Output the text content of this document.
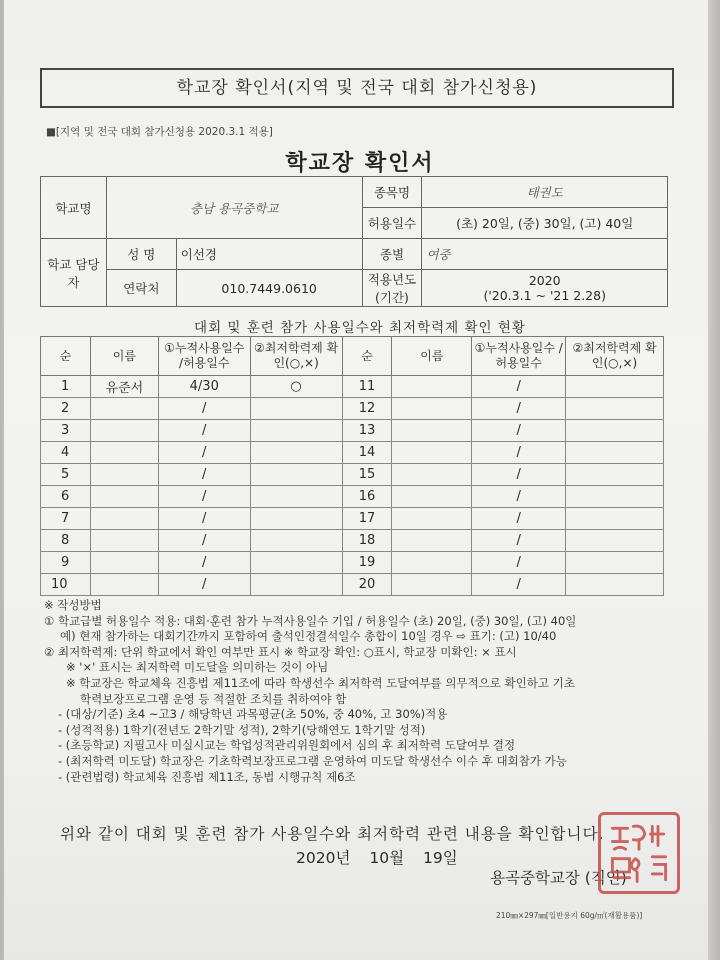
학교장 확인서(지역 및 전국 대회 참가신청용)
■[지역 및 전국 대회 참가신청용 2020.3.1 적용]
학교장 확인서
학교명	충남 용곡중학교		종목명	태권도
			허용일수	(초) 20일, (중) 30일, (고) 40일
학교 담당자	성 명	이선경	종별	여중
	연락처	010.7449.0610	적용년도 (기간)	2020
('20.3.1 ~ '21 2.28)
대회 및 훈련 참가 사용일수와 최저학력제 확인 현황
순	이름	①누적사용일수 /허용일수	②최저학력제 확인(○,×)	순	이름	①누적사용일수 /허용일수	②최저학력제 확인(○,×)
1	유준서	4/30	○	11		/	
2		/		12		/	
3		/		13		/	
4		/		14		/	
5		/		15		/	
6		/		16		/	
7		/		17		/	
8		/		18		/	
9		/		19		/	
10		/		20		/	
※ 작성방법
① 학교급별 허용일수 적용: 대회·훈련 참가 누적사용일수 기입 / 허용일수 (초) 20일, (중) 30일, (고) 40일
예) 현재 참가하는 대회기간까지 포함하여 출석인정결석일수 총합이 10일 경우 ⇨ 표기: (고) 10/40
② 최저학력제: 단위 학교에서 확인 여부만 표시 ※ 학교장 확인: ○표시, 학교장 미확인: × 표시
※ '×' 표시는 최저학력 미도달을 의미하는 것이 아님
※ 학교장은 학교체육 진흥법 제11조에 따라 학생선수 최저학력 도달여부를 의무적으로 확인하고 기초
학력보장프로그램 운영 등 적절한 조치를 취하여야 함
- (대상/기준) 초4 ~고3 / 해당학년 과목평균(초 50%, 중 40%, 고 30%)적용
- (성적적용) 1학기(전년도 2학기말 성적), 2학기(당해연도 1학기말 성적)
- (초등학교) 지필고사 미실시교는 학업성적관리위원회에서 심의 후 최저학력 도달여부 결정
- (최저학력 미도달) 학교장은 기초학력보장프로그램 운영하여 미도달 학생선수 이수 후 대회참가 가능
- (관련법령) 학교체육 진흥법 제11조, 동법 시행규칙 제6조
위와 같이 대회 및 훈련 참가 사용일수와 최저학력 관련 내용을 확인합니다.
2020년 10월 19일
용곡중학교장 (직인)
210㎜×297㎜[일반용지 60g/㎡(재활용품)]
